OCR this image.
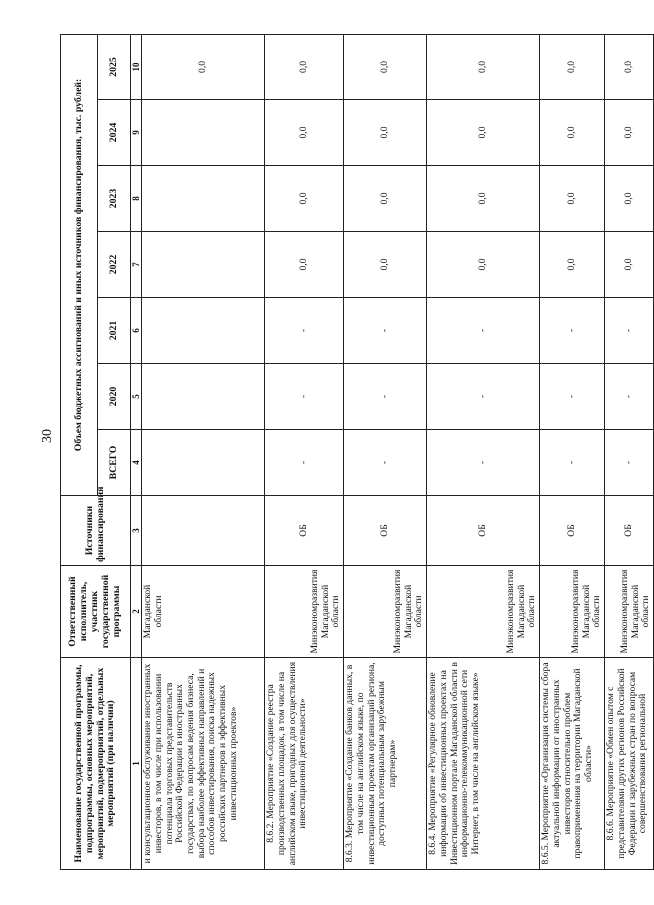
30
Наименование государственной программы, подпрограммы, основных мероприятий, мероприятий, подмероприятий, отдельных мероприятий (при наличии)	Ответственный исполнитель, участник государственной программы	Источники финансирования	Объем бюджетных ассигнований и иных источников финансирования, тыс. рублей:						
			ВСЕГО	2020	2021	2022	2023	2024	2025
1	2	3	4	5	6	7	8	9	10
и консультационное обслуживание иностранных инвесторов, в том числе при использовании потенциала торговых представительств Российской Федерации в иностранных государствах, по вопросам ведения бизнеса, выбора наиболее эффективных направлений и способов инвестирования, поиска надежных российских партнеров и эффективных инвестиционных проектов»	Магаданской области								0,0
8.6.2. Мероприятие «Создание реестра производственных площадок, в том числе на английском языке, пригодных для осуществления инвестиционной деятельности»	Минэкономразвития Магаданской области	ОБ	-	-	-	0,0	0,0	0,0	0,0
8.6.3. Мероприятие «Создание банков данных, в том числе на английском языке, по инвестиционным проектам организаций региона, доступных потенциальным зарубежным партнерам»	Минэкономразвития Магаданской области	ОБ	-	-	-	0,0	0,0	0,0	0,0
8.6.4. Мероприятие «Регулярное обновление информации об инвестиционных проектах на Инвестиционном портале Магаданской области в информационно-телекоммуникационной сети Интернет, в том числе на английском языке»	Минэкономразвития Магаданской области	ОБ	-	-	-	0,0	0,0	0,0	0,0
8.6.5. Мероприятие «Организация системы сбора актуальной информации от иностранных инвесторов относительно проблем правоприменения на территории Магаданской области»	Минэкономразвития Магаданской области	ОБ	-	-	-	0,0	0,0	0,0	0,0
8.6.6. Мероприятие «Обмен опытом с представителями других регионов Российской Федерации и зарубежных стран по вопросам совершенствования региональной	Минэкономразвития Магаданской области	ОБ	-	-	-	0,0	0,0	0,0	0,0
